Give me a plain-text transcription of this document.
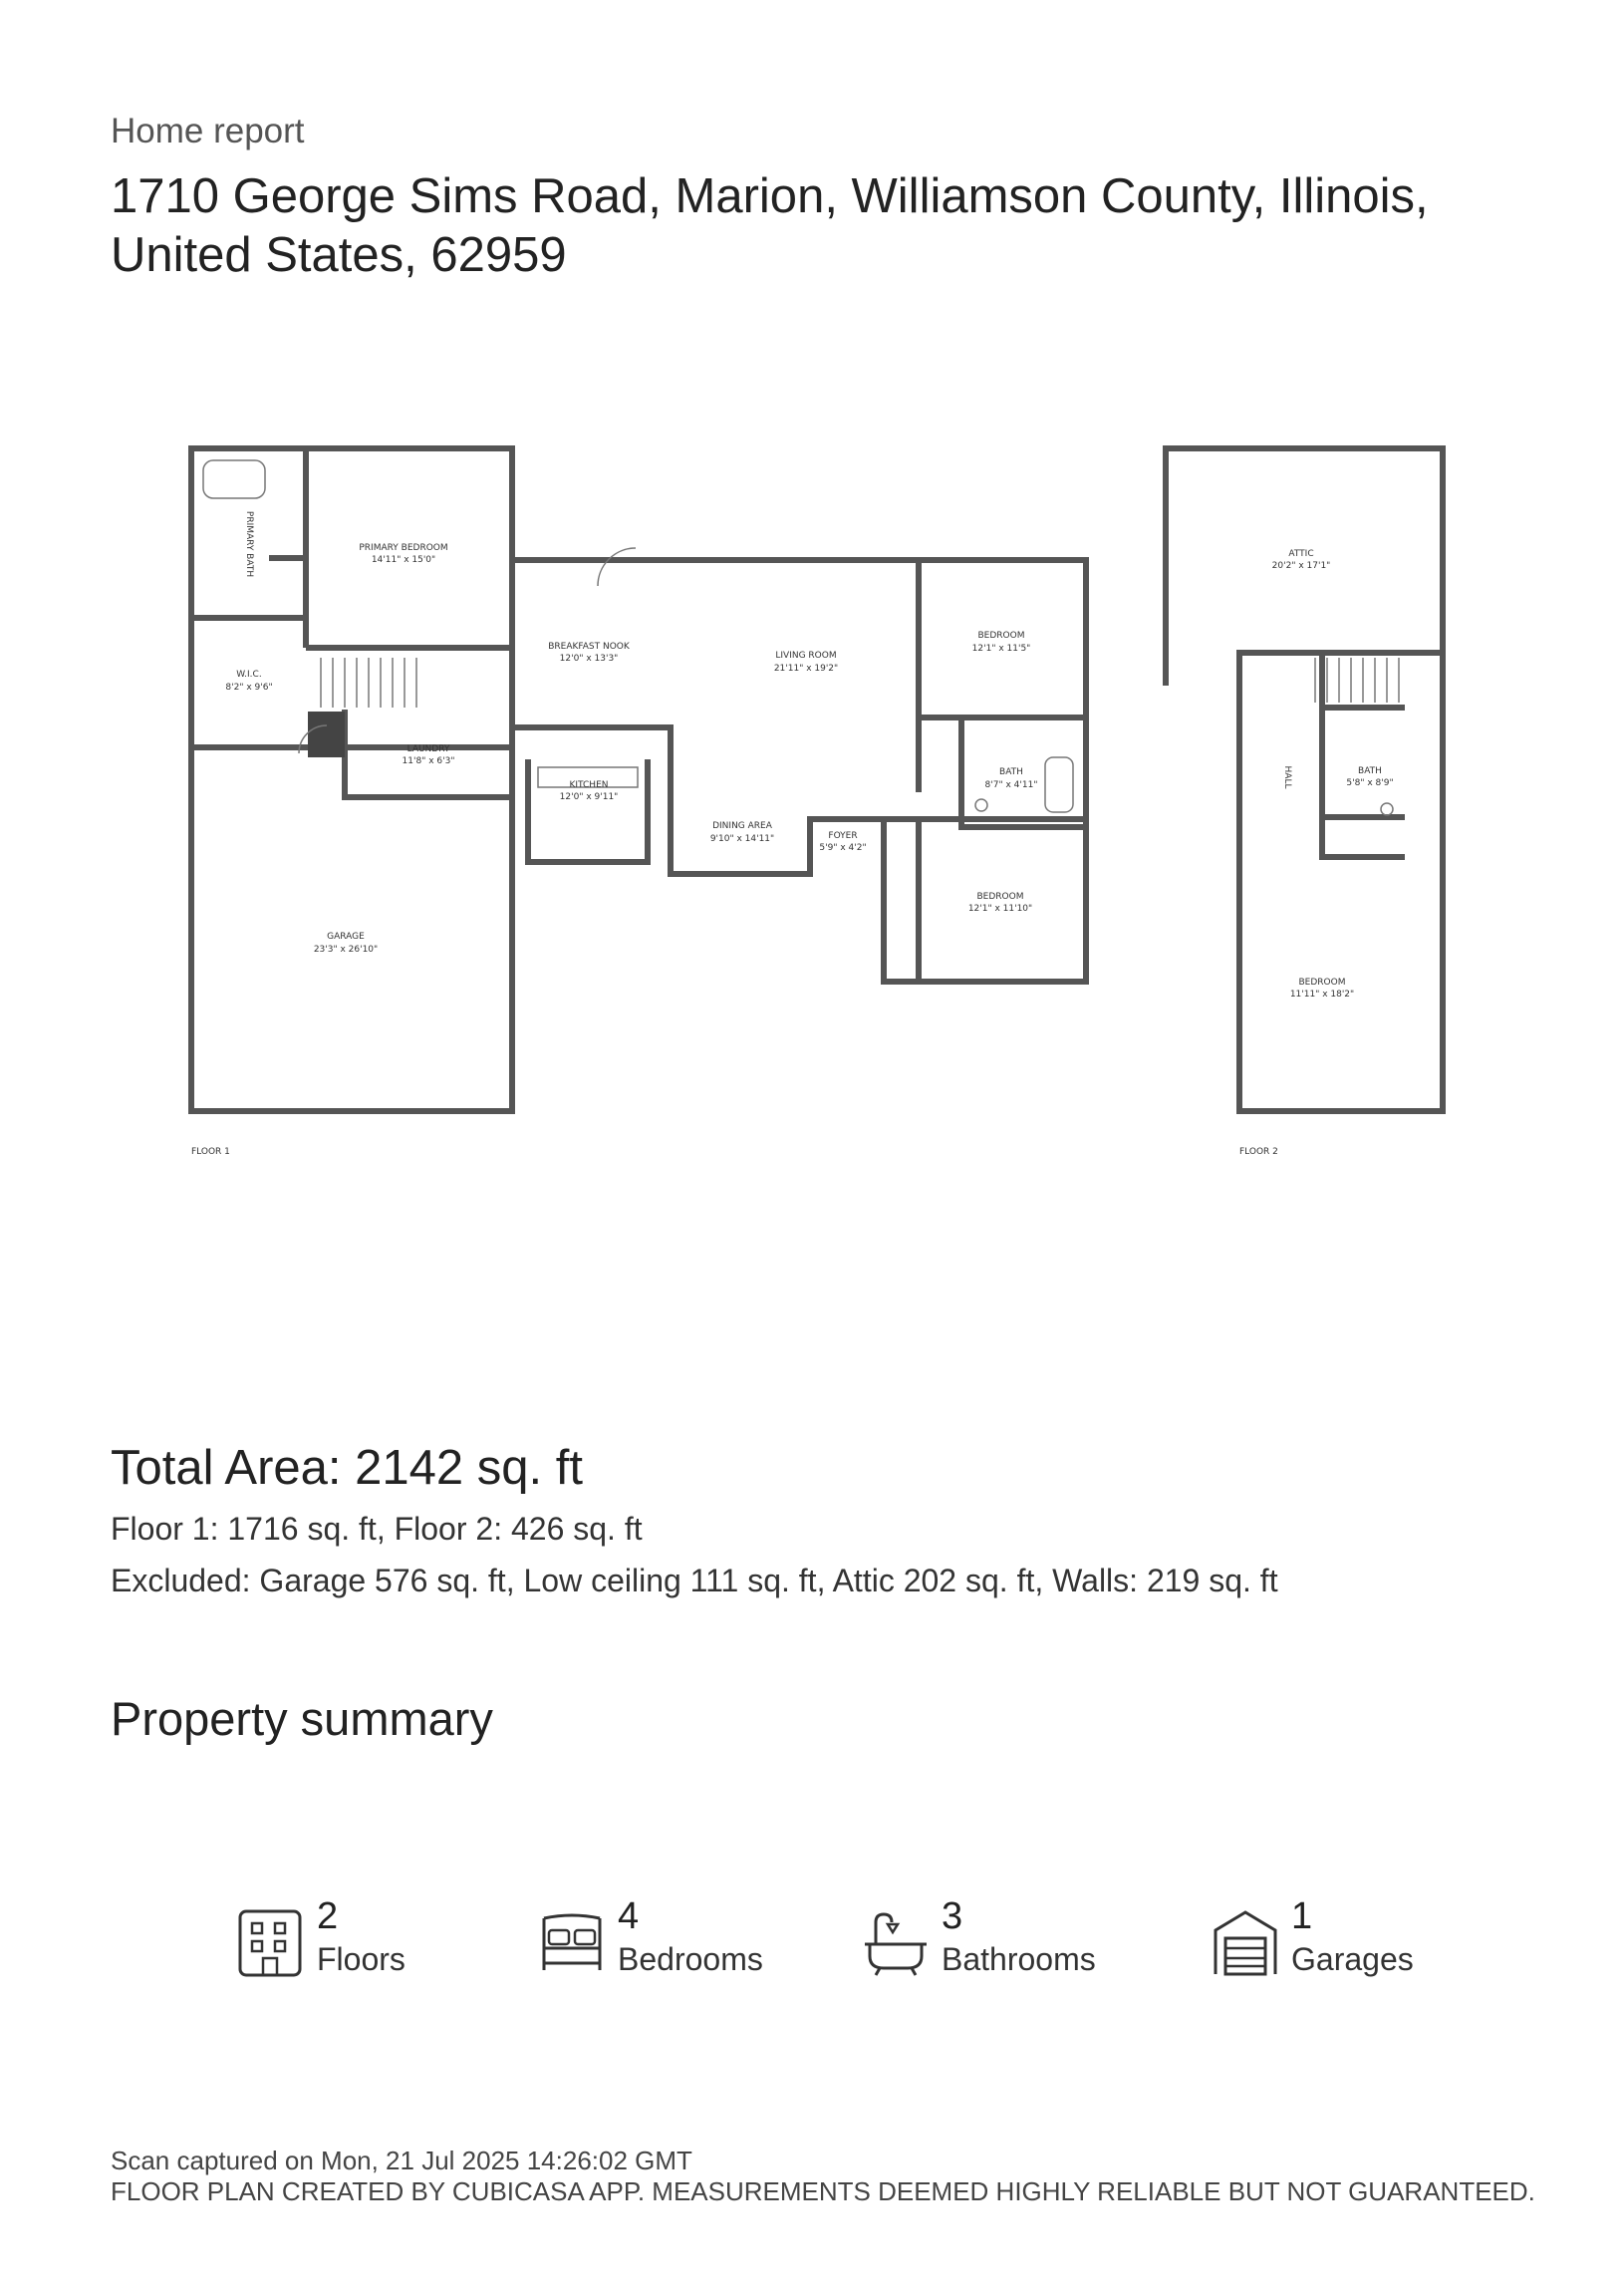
Home report
1710 George Sims Road, Marion, Williamson County, Illinois, United States, 62959
PRIMARY BATH	PRIMARY BEDROOM
14'11" x 15'0"
W.I.C.
8'2" x 9'6"
BREAKFAST NOOK
12'0" x 13'3"	LIVING ROOM
21'11" x 19'2"
BEDROOM
12'1" x 11'5"
LAUNDRY
11'8" x 6'3"
KITCHEN
12'0" x 9'11"
BATH
8'7" x 4'11"
DINING AREA
9'10" x 14'11"	FOYER
5'9" x 4'2"
BEDROOM
12'1" x 11'10"
GARAGE
23'3" x 26'10"
ATTIC
20'2" x 17'1"
HALL	BATH
5'8" x 8'9"
BEDROOM
11'11" x 18'2"
FLOOR 1	FLOOR 2
Total Area: 2142 sq. ft
Floor 1: 1716 sq. ft, Floor 2: 426 sq. ft
Excluded: Garage 576 sq. ft, Low ceiling 111 sq. ft, Attic 202 sq. ft, Walls: 219 sq. ft
Property summary
2
Floors
4
Bedrooms
3
Bathrooms
1
Garages
Scan captured on Mon, 21 Jul 2025 14:26:02 GMT
FLOOR PLAN CREATED BY CUBICASA APP. MEASUREMENTS DEEMED HIGHLY RELIABLE BUT NOT GUARANTEED.
